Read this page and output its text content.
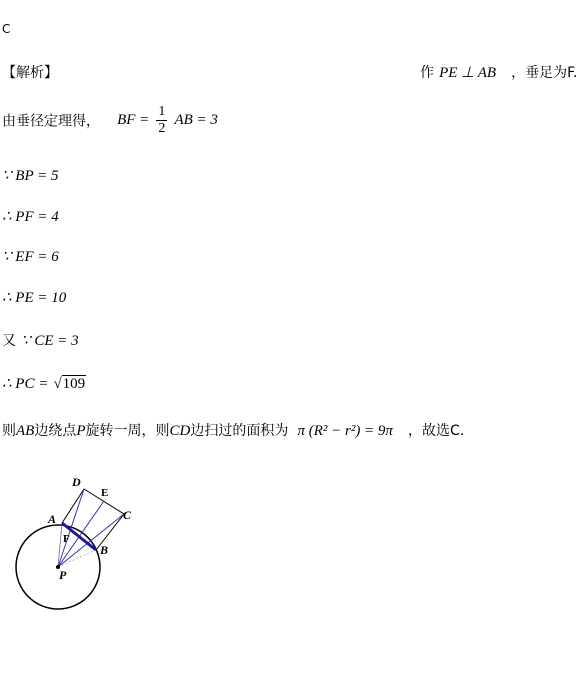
C
【解析】	作 PE ⊥ AB ，垂足为F.
由垂径定理得， BF = $\frac{1}{2}$ AB = 3
∵ BP = 5
∴ PF = 4
∵ EF = 6
∴ PE = 10
又 ∵ CE = 3
∴ PC = √109
则AB边绕点P旋转一周，则CD边扫过的面积为 π (R² − r²) = 9π ，故选C.
D
E
A	C
F
B
P
